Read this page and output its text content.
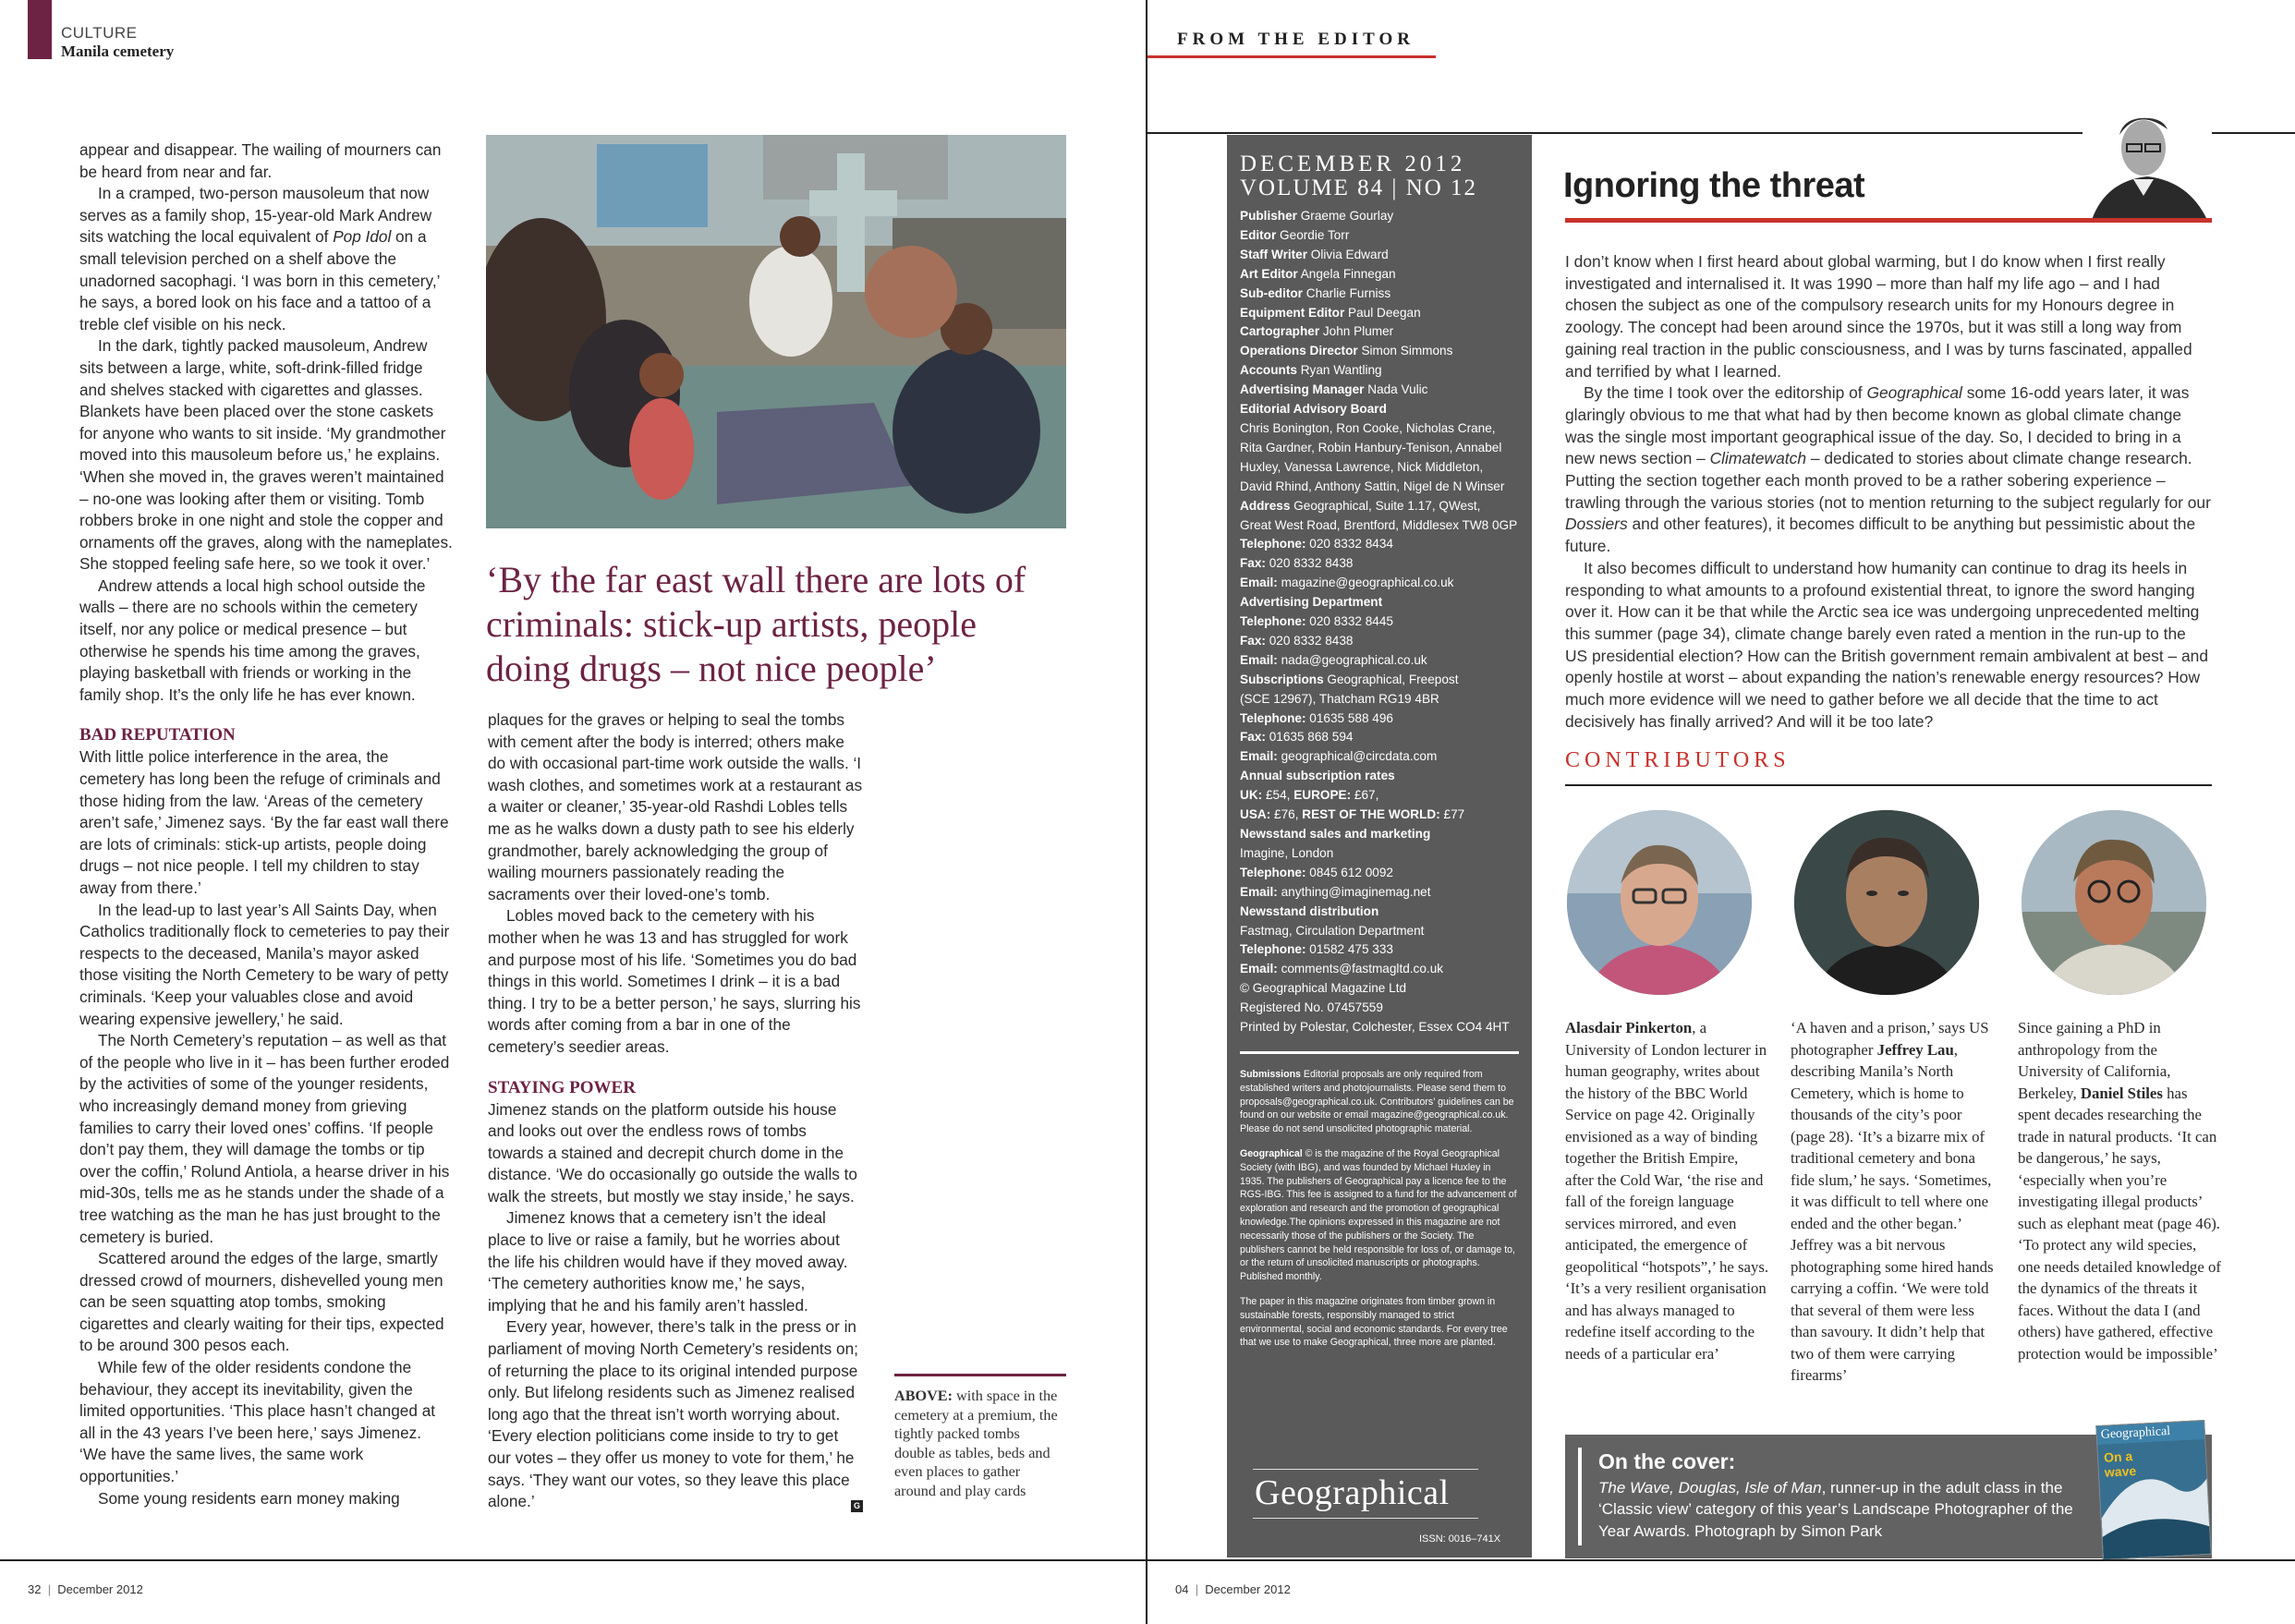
CULTURE
Manila cemetery

appear and disappear. The wailing of mourners can be heard from near and far.

In a cramped, two-person mausoleum that now serves as a family shop, 15-year-old Mark Andrew sits watching the local equivalent of Pop Idol on a small television perched on a shelf above the unadorned sacophagi. ‘I was born in this cemetery,’ he says, a bored look on his face and a tattoo of a treble clef visible on his neck.

In the dark, tightly packed mausoleum, Andrew sits between a large, white, soft-drink-filled fridge and shelves stacked with cigarettes and glasses. Blankets have been placed over the stone caskets for anyone who wants to sit inside. ‘My grandmother moved into this mausoleum before us,’ he explains. ‘When she moved in, the graves weren’t maintained – no-one was looking after them or visiting. Tomb robbers broke in one night and stole the copper and ornaments off the graves, along with the nameplates. She stopped feeling safe here, so we took it over.’

Andrew attends a local high school outside the walls – there are no schools within the cemetery itself, nor any police or medical presence – but otherwise he spends his time among the graves, playing basketball with friends or working in the family shop. It’s the only life he has ever known.

BAD REPUTATION

With little police interference in the area, the cemetery has long been the refuge of criminals and those hiding from the law. ‘Areas of the cemetery aren’t safe,’ Jimenez says. ‘By the far east wall there are lots of criminals: stick-up artists, people doing drugs – not nice people. I tell my children to stay away from there.’

In the lead-up to last year’s All Saints Day, when Catholics traditionally flock to cemeteries to pay their respects to the deceased, Manila’s mayor asked those visiting the North Cemetery to be wary of petty criminals. ‘Keep your valuables close and avoid wearing expensive jewellery,’ he said.

The North Cemetery’s reputation – as well as that of the people who live in it – has been further eroded by the activities of some of the younger residents, who increasingly demand money from grieving families to carry their loved ones’ coffins. ‘If people don’t pay them, they will damage the tombs or tip over the coffin,’ Rolund Antiola, a hearse driver in his mid-30s, tells me as he stands under the shade of a tree watching as the man he has just brought to the cemetery is buried.

Scattered around the edges of the large, smartly dressed crowd of mourners, dishevelled young men can be seen squatting atop tombs, smoking cigarettes and clearly waiting for their tips, expected to be around 300 pesos each.

While few of the older residents condone the behaviour, they accept its inevitability, given the limited opportunities. ‘This place hasn’t changed at all in the 43 years I’ve been here,’ says Jimenez. ‘We have the same lives, the same work opportunities.’

Some young residents earn money making

‘By the far east wall there are lots of criminals: stick-up artists, people doing drugs – not nice people’

plaques for the graves or helping to seal the tombs with cement after the body is interred; others make do with occasional part-time work outside the walls. ‘I wash clothes, and sometimes work at a restaurant as a waiter or cleaner,’ 35-year-old Rashdi Lobles tells me as he walks down a dusty path to see his elderly grandmother, barely acknowledging the group of wailing mourners passionately reading the sacraments over their loved-one’s tomb.

Lobles moved back to the cemetery with his mother when he was 13 and has struggled for work and purpose most of his life. ‘Sometimes you do bad things in this world. Sometimes I drink – it is a bad thing. I try to be a better person,’ he says, slurring his words after coming from a bar in one of the cemetery’s seedier areas.

STAYING POWER

Jimenez stands on the platform outside his house and looks out over the endless rows of tombs towards a stained and decrepit church dome in the distance. ‘We do occasionally go outside the walls to walk the streets, but mostly we stay inside,’ he says.

Jimenez knows that a cemetery isn’t the ideal place to live or raise a family, but he worries about the life his children would have if they moved away. ‘The cemetery authorities know me,’ he says, implying that he and his family aren’t hassled.

Every year, however, there’s talk in the press or in parliament of moving North Cemetery’s residents on; of returning the place to its original intended purpose only. But lifelong residents such as Jimenez realised long ago that the threat isn’t worth worrying about. ‘Every election politicians come inside to try to get our votes – they offer us money to vote for them,’ he says. ‘They want our votes, so they leave this place alone.’	G
ABOVE: with space in the cemetery at a premium, the tightly packed tombs double as tables, beds and even places to gather around and play cards
32  |  December 2012
FROM THE EDITOR
DECEMBER 2012
VOLUME 84 | NO 12
Publisher Graeme Gourlay
Editor Geordie Torr
Staff Writer Olivia Edward
Art Editor Angela Finnegan
Sub-editor Charlie Furniss
Equipment Editor Paul Deegan
Cartographer John Plumer
Operations Director Simon Simmons
Accounts Ryan Wantling
Advertising Manager Nada Vulic
Editorial Advisory Board
Chris Bonington, Ron Cooke, Nicholas Crane,
Rita Gardner, Robin Hanbury-Tenison, Annabel
Huxley, Vanessa Lawrence, Nick Middleton,
David Rhind, Anthony Sattin, Nigel de N Winser
Address Geographical, Suite 1.17, QWest,
Great West Road, Brentford, Middlesex TW8 0GP
Telephone: 020 8332 8434
Fax: 020 8332 8438
Email: magazine@geographical.co.uk
Advertising Department
Telephone: 020 8332 8445
Fax: 020 8332 8438
Email: nada@geographical.co.uk
Subscriptions Geographical, Freepost
(SCE 12967), Thatcham RG19 4BR
Telephone: 01635 588 496
Fax: 01635 868 594
Email: geographical@circdata.com
Annual subscription rates
UK: £54, EUROPE: £67,
USA: £76, REST OF THE WORLD: £77
Newsstand sales and marketing
Imagine, London
Telephone: 0845 612 0092
Email: anything@imaginemag.net
Newsstand distribution
Fastmag, Circulation Department
Telephone: 01582 475 333
Email: comments@fastmagltd.co.uk
© Geographical Magazine Ltd
Registered No. 07457559
Printed by Polestar, Colchester, Essex CO4 4HT

Submissions Editorial proposals are only required from established writers and photojournalists. Please send them to proposals@geographical.co.uk. Contributors’ guidelines can be found on our website or email magazine@geographical.co.uk. Please do not send unsolicited photographic material.

Geographical © is the magazine of the Royal Geographical Society (with IBG), and was founded by Michael Huxley in 1935. The publishers of Geographical pay a licence fee to the RGS-IBG. This fee is assigned to a fund for the advancement of exploration and research and the promotion of geographical knowledge.The opinions expressed in this magazine are not necessarily those of the publishers or the Society. The publishers cannot be held responsible for loss of, or damage to, or the return of unsolicited manuscripts or photographs. Published monthly.

The paper in this magazine originates from timber grown in sustainable forests, responsibly managed to strict environmental, social and economic standards. For every tree that we use to make Geographical, three more are planted.

Geographical
ISSN: 0016–741X
Ignoring the threat

I don’t know when I first heard about global warming, but I do know when I first really investigated and internalised it. It was 1990 – more than half my life ago – and I had chosen the subject as one of the compulsory research units for my Honours degree in zoology. The concept had been around since the 1970s, but it was still a long way from gaining real traction in the public consciousness, and I was by turns fascinated, appalled and terrified by what I learned.

By the time I took over the editorship of Geographical some 16-odd years later, it was glaringly obvious to me that what had by then become known as global climate change was the single most important geographical issue of the day. So, I decided to bring in a new news section – Climatewatch – dedicated to stories about climate change research. Putting the section together each month proved to be a rather sobering experience – trawling through the various stories (not to mention returning to the subject regularly for our Dossiers and other features), it becomes difficult to be anything but pessimistic about the future.

It also becomes difficult to understand how humanity can continue to drag its heels in responding to what amounts to a profound existential threat, to ignore the sword hanging over it. How can it be that while the Arctic sea ice was undergoing unprecedented melting this summer (page 34), climate change barely even rated a mention in the run-up to the US presidential election? How can the British government remain ambivalent at best – and openly hostile at worst – about expanding the nation’s renewable energy resources? How much more evidence will we need to gather before we all decide that the time to act decisively has finally arrived? And will it be too late?

CONTRIBUTORS
Alasdair Pinkerton, a University of London lecturer in human geography, writes about the history of the BBC World Service on page 42. Originally envisioned as a way of binding together the British Empire, after the Cold War, ‘the rise and fall of the foreign language services mirrored, and even anticipated, the emergence of geopolitical “hotspots”,’ he says. ‘It’s a very resilient organisation and has always managed to redefine itself according to the needs of a particular era’
‘A haven and a prison,’ says US photographer Jeffrey Lau, describing Manila’s North Cemetery, which is home to thousands of the city’s poor (page 28). ‘It’s a bizarre mix of traditional cemetery and bona fide slum,’ he says. ‘Sometimes, it was difficult to tell where one ended and the other began.’ Jeffrey was a bit nervous photographing some hired hands carrying a coffin. ‘We were told that several of them were less than savoury. It didn’t help that two of them were carrying firearms’
Since gaining a PhD in anthropology from the University of California, Berkeley, Daniel Stiles has spent decades researching the trade in natural products. ‘It can be dangerous,’ he says, ‘especially when you’re investigating illegal products’ such as elephant meat (page 46). ‘To protect any wild species, one needs detailed knowledge of the dynamics of the threats it faces. Without the data I (and others) have gathered, effective protection would be impossible’
On the cover:
The Wave, Douglas, Isle of Man, runner-up in the adult class in the ‘Classic view’ category of this year’s Landscape Photographer of the Year Awards. Photograph by Simon Park
Geographical
On a
wave
04  |  December 2012
